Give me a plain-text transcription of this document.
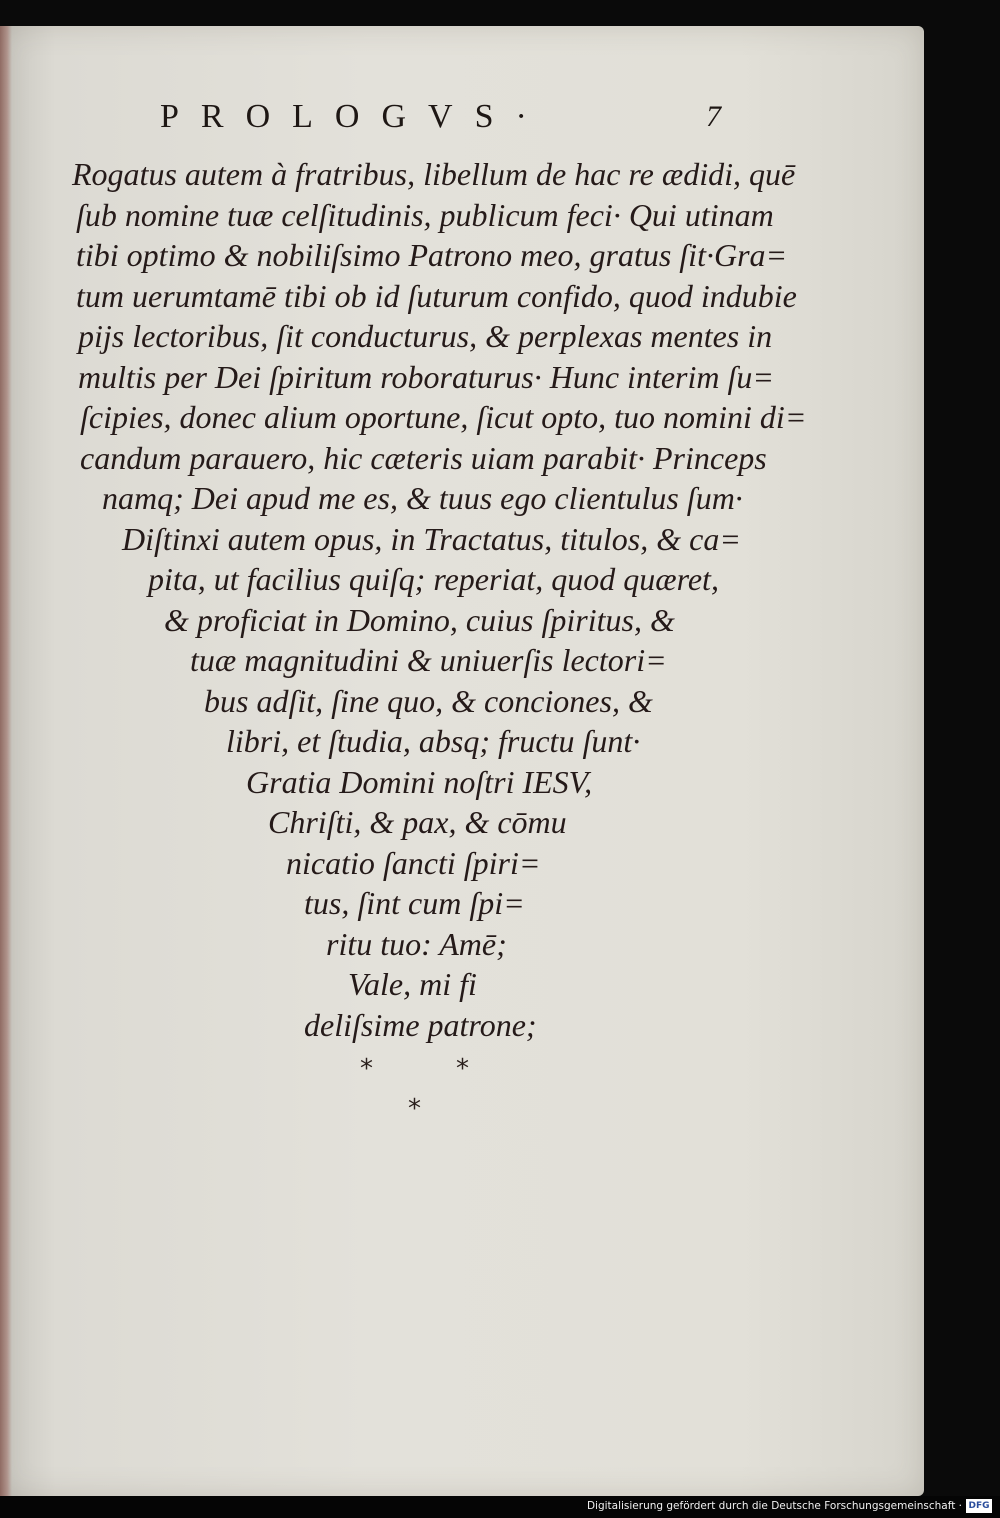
PROLOGVS·	7
Rogatus autem à fratribus, libellum de hac re ædidi, quē
ſub nomine tuæ celſitudinis, publicum feci· Qui utinam
tibi optimo & nobiliſsimo Patrono meo, gratus ſit·Gra=
tum uerumtamē tibi ob id ſuturum confido, quod indubie
pijs lectoribus, ſit conducturus, & perplexas mentes in
multis per Dei ſpiritum roboraturus· Hunc interim ſu=
ſcipies, donec alium oportune, ſicut opto, tuo nomini di=
candum parauero, hic cæteris uiam parabit· Princeps
namq; Dei apud me es, & tuus ego clientulus ſum·
Diſtinxi autem opus, in Tractatus, titulos, & ca=
pita, ut facilius quiſq; reperiat, quod quæret,
& proficiat in Domino, cuius ſpiritus, &
tuæ magnitudini & uniuerſis lectori=
bus adſit, ſine quo, & conciones, &
libri, et ſtudia, absq; fructu ſunt·
Gratia Domini noſtri IESV,
Chriſti, & pax, & cōmu
nicatio ſancti ſpiri=
tus, ſint cum ſpi=
ritu tuo: Amē;
Vale, mi fi
deliſsime patrone;
*	*
*
Digitalisierung gefördert durch die Deutsche Forschungsgemeinschaft · DFG
